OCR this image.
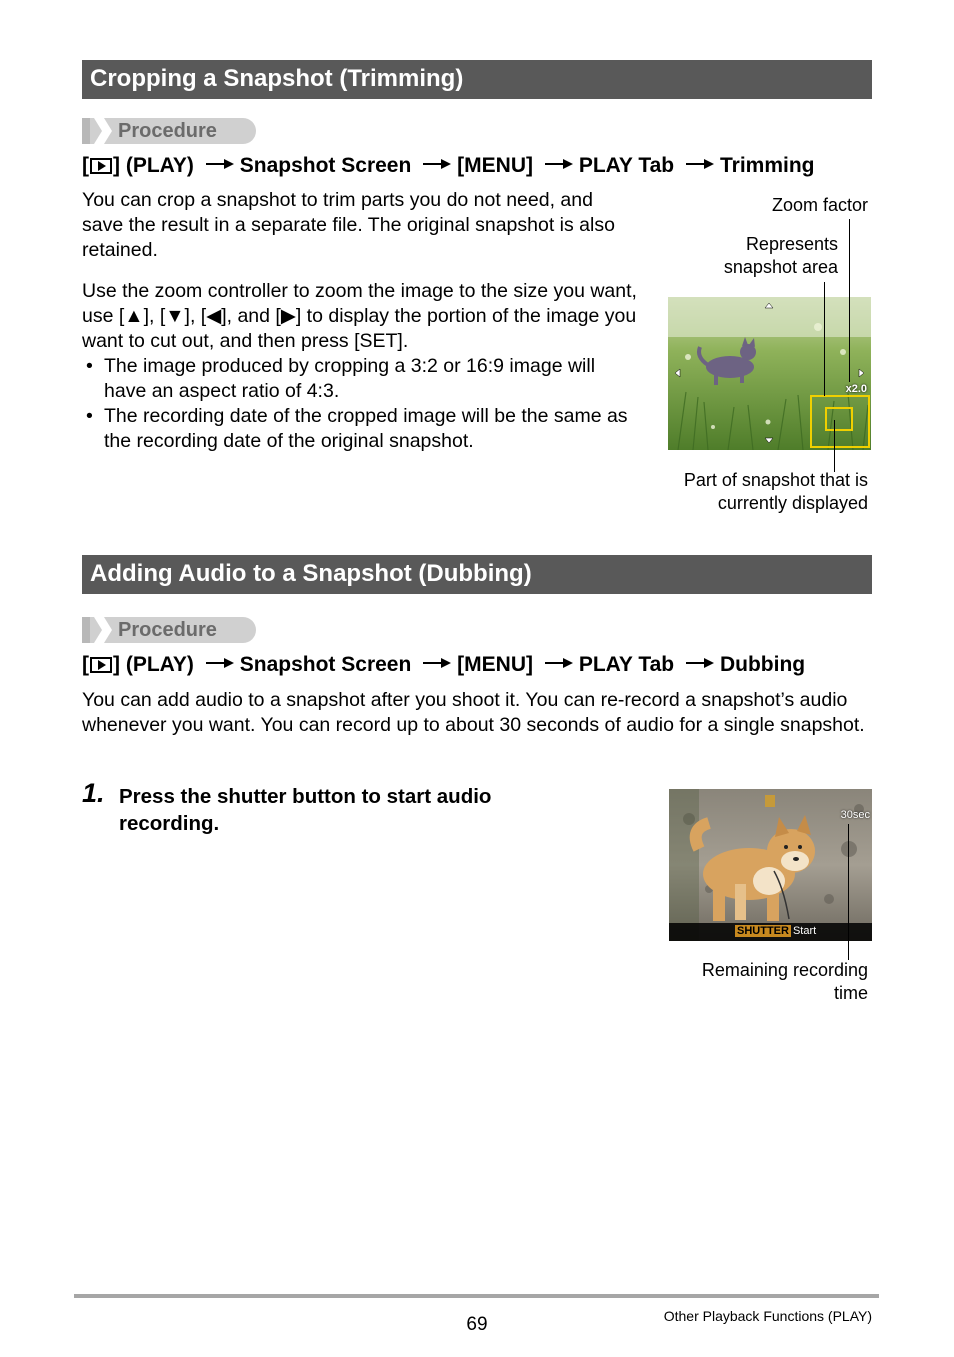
Cropping a Snapshot (Trimming)
Procedure
[ ] (PLAY) Snapshot Screen [MENU] PLAY Tab Trimming

You can crop a snapshot to trim parts you do not need, and save the result in a separate file. The original snapshot is also retained.

Use the zoom controller to zoom the image to the size you want, use [▲], [▼], [◀], and [▶] to display the portion of the image you want to cut out, and then press [SET].

• The image produced by cropping a 3:2 or 16:9 image will have an aspect ratio of 4:3.
• The recording date of the cropped image will be the same as the recording date of the original snapshot.
Zoom factor
Represents
snapshot area
x2.0
Part of snapshot that is
currently displayed
Adding Audio to a Snapshot (Dubbing)
Procedure
[ ] (PLAY) Snapshot Screen [MENU] PLAY Tab Dubbing

You can add audio to a snapshot after you shoot it. You can re-record a snapshot’s audio whenever you want. You can record up to about 30 seconds of audio for a single snapshot.

1. Press the shutter button to start audio
recording.	30sec
SHUTTER Start
Remaining recording
time
69	Other Playback Functions (PLAY)
